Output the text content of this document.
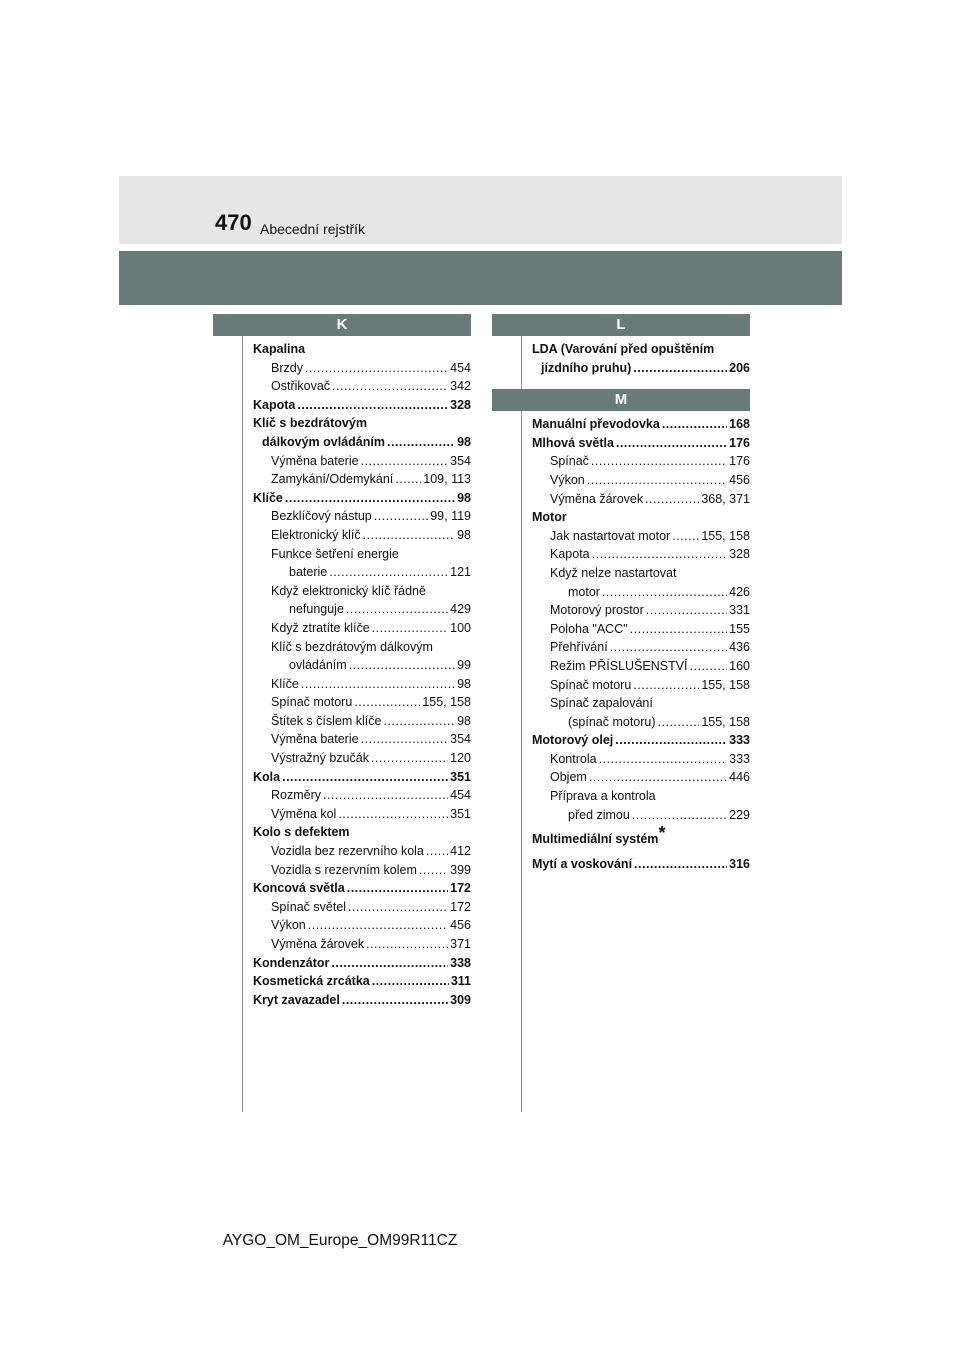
470 Abecední rejstřík
K
Kapalina
Brzdy .....	454
Ostřikovač .....	342
Kapota .....	328
Klíč s bezdrátovým
dálkovým ovládáním .....	98
Výměna baterie .....	354
Zamykání/Odemykání ..... 109, 113
Klíče .....	98
Bezklíčový nástup .....	99, 119
Elektronický klíč .....	98
Funkce šetření energie
baterie .....	121
Když elektronický klíč řádně
nefunguje .....	429
Když ztratíte klíče .....	100
Klíč s bezdrátovým dálkovým
ovládáním .....	99
Klíče .....	98
Spínač motoru .....	155, 158
Štítek s číslem klíče .....	98
Výměna baterie .....	354
Výstražný bzučák .....	120
Kola .....	351
Rozměry .....	454
Výměna kol .....	351
Kolo s defektem
Vozidla bez rezervního kola ..... 412
Vozidla s rezervním kolem .....	399
Koncová světla .....	172
Spínač světel .....	172
Výkon .....	456
Výměna žárovek .....	371
Kondenzátor .....	338
Kosmetická zrcátka .....	311
Kryt zavazadel .....	309
L
LDA (Varování před opuštěním
jízdního pruhu) .....	206
M
Manuální převodovka .....	168
Mlhová světla .....	176
Spínač .....	176
Výkon .....	456
Výměna žárovek .....	368, 371
Motor
Jak nastartovat motor ..... 155, 158
Kapota .....	328
Když nelze nastartovat
motor .....	426
Motorový prostor .....	331
Poloha "ACC" .....	155
Přehřívání .....	436
Režim PŘÍSLUŠENSTVÍ .....	160
Spínač motoru .....	155, 158
Spínač zapalování
(spínač motoru) .....	155, 158
Motorový olej .....	333
Kontrola .....	333
Objem .....	446
Příprava a kontrola
před zimou .....	229
Multimediální systém*
Mytí a voskování .....	316
AYGO_OM_Europe_OM99R11CZ
